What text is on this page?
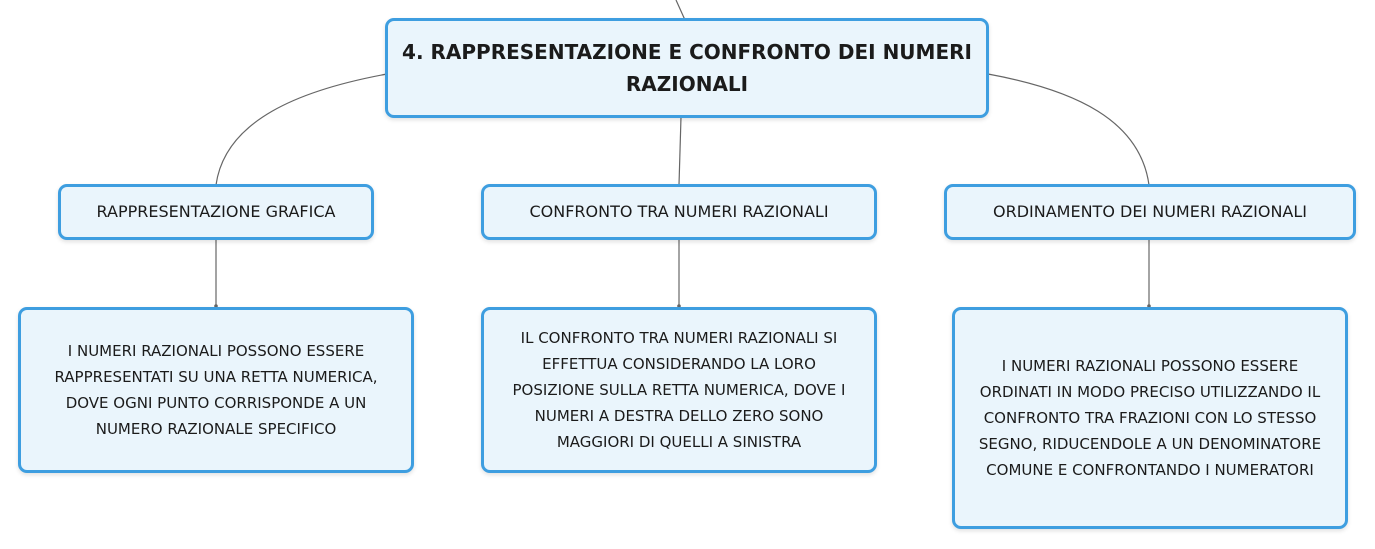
4. RAPPRESENTAZIONE E CONFRONTO DEI NUMERI RAZIONALI
RAPPRESENTAZIONE GRAFICA	CONFRONTO TRA NUMERI RAZIONALI	ORDINAMENTO DEI NUMERI RAZIONALI
I NUMERI RAZIONALI POSSONO ESSERE RAPPRESENTATI SU UNA RETTA NUMERICA, DOVE OGNI PUNTO CORRISPONDE A UN NUMERO RAZIONALE SPECIFICO
IL CONFRONTO TRA NUMERI RAZIONALI SI EFFETTUA CONSIDERANDO LA LORO POSIZIONE SULLA RETTA NUMERICA, DOVE I NUMERI A DESTRA DELLO ZERO SONO MAGGIORI DI QUELLI A SINISTRA
I NUMERI RAZIONALI POSSONO ESSERE ORDINATI IN MODO PRECISO UTILIZZANDO IL CONFRONTO TRA FRAZIONI CON LO STESSO SEGNO, RIDUCENDOLE A UN DENOMINATORE COMUNE E CONFRONTANDO I NUMERATORI
